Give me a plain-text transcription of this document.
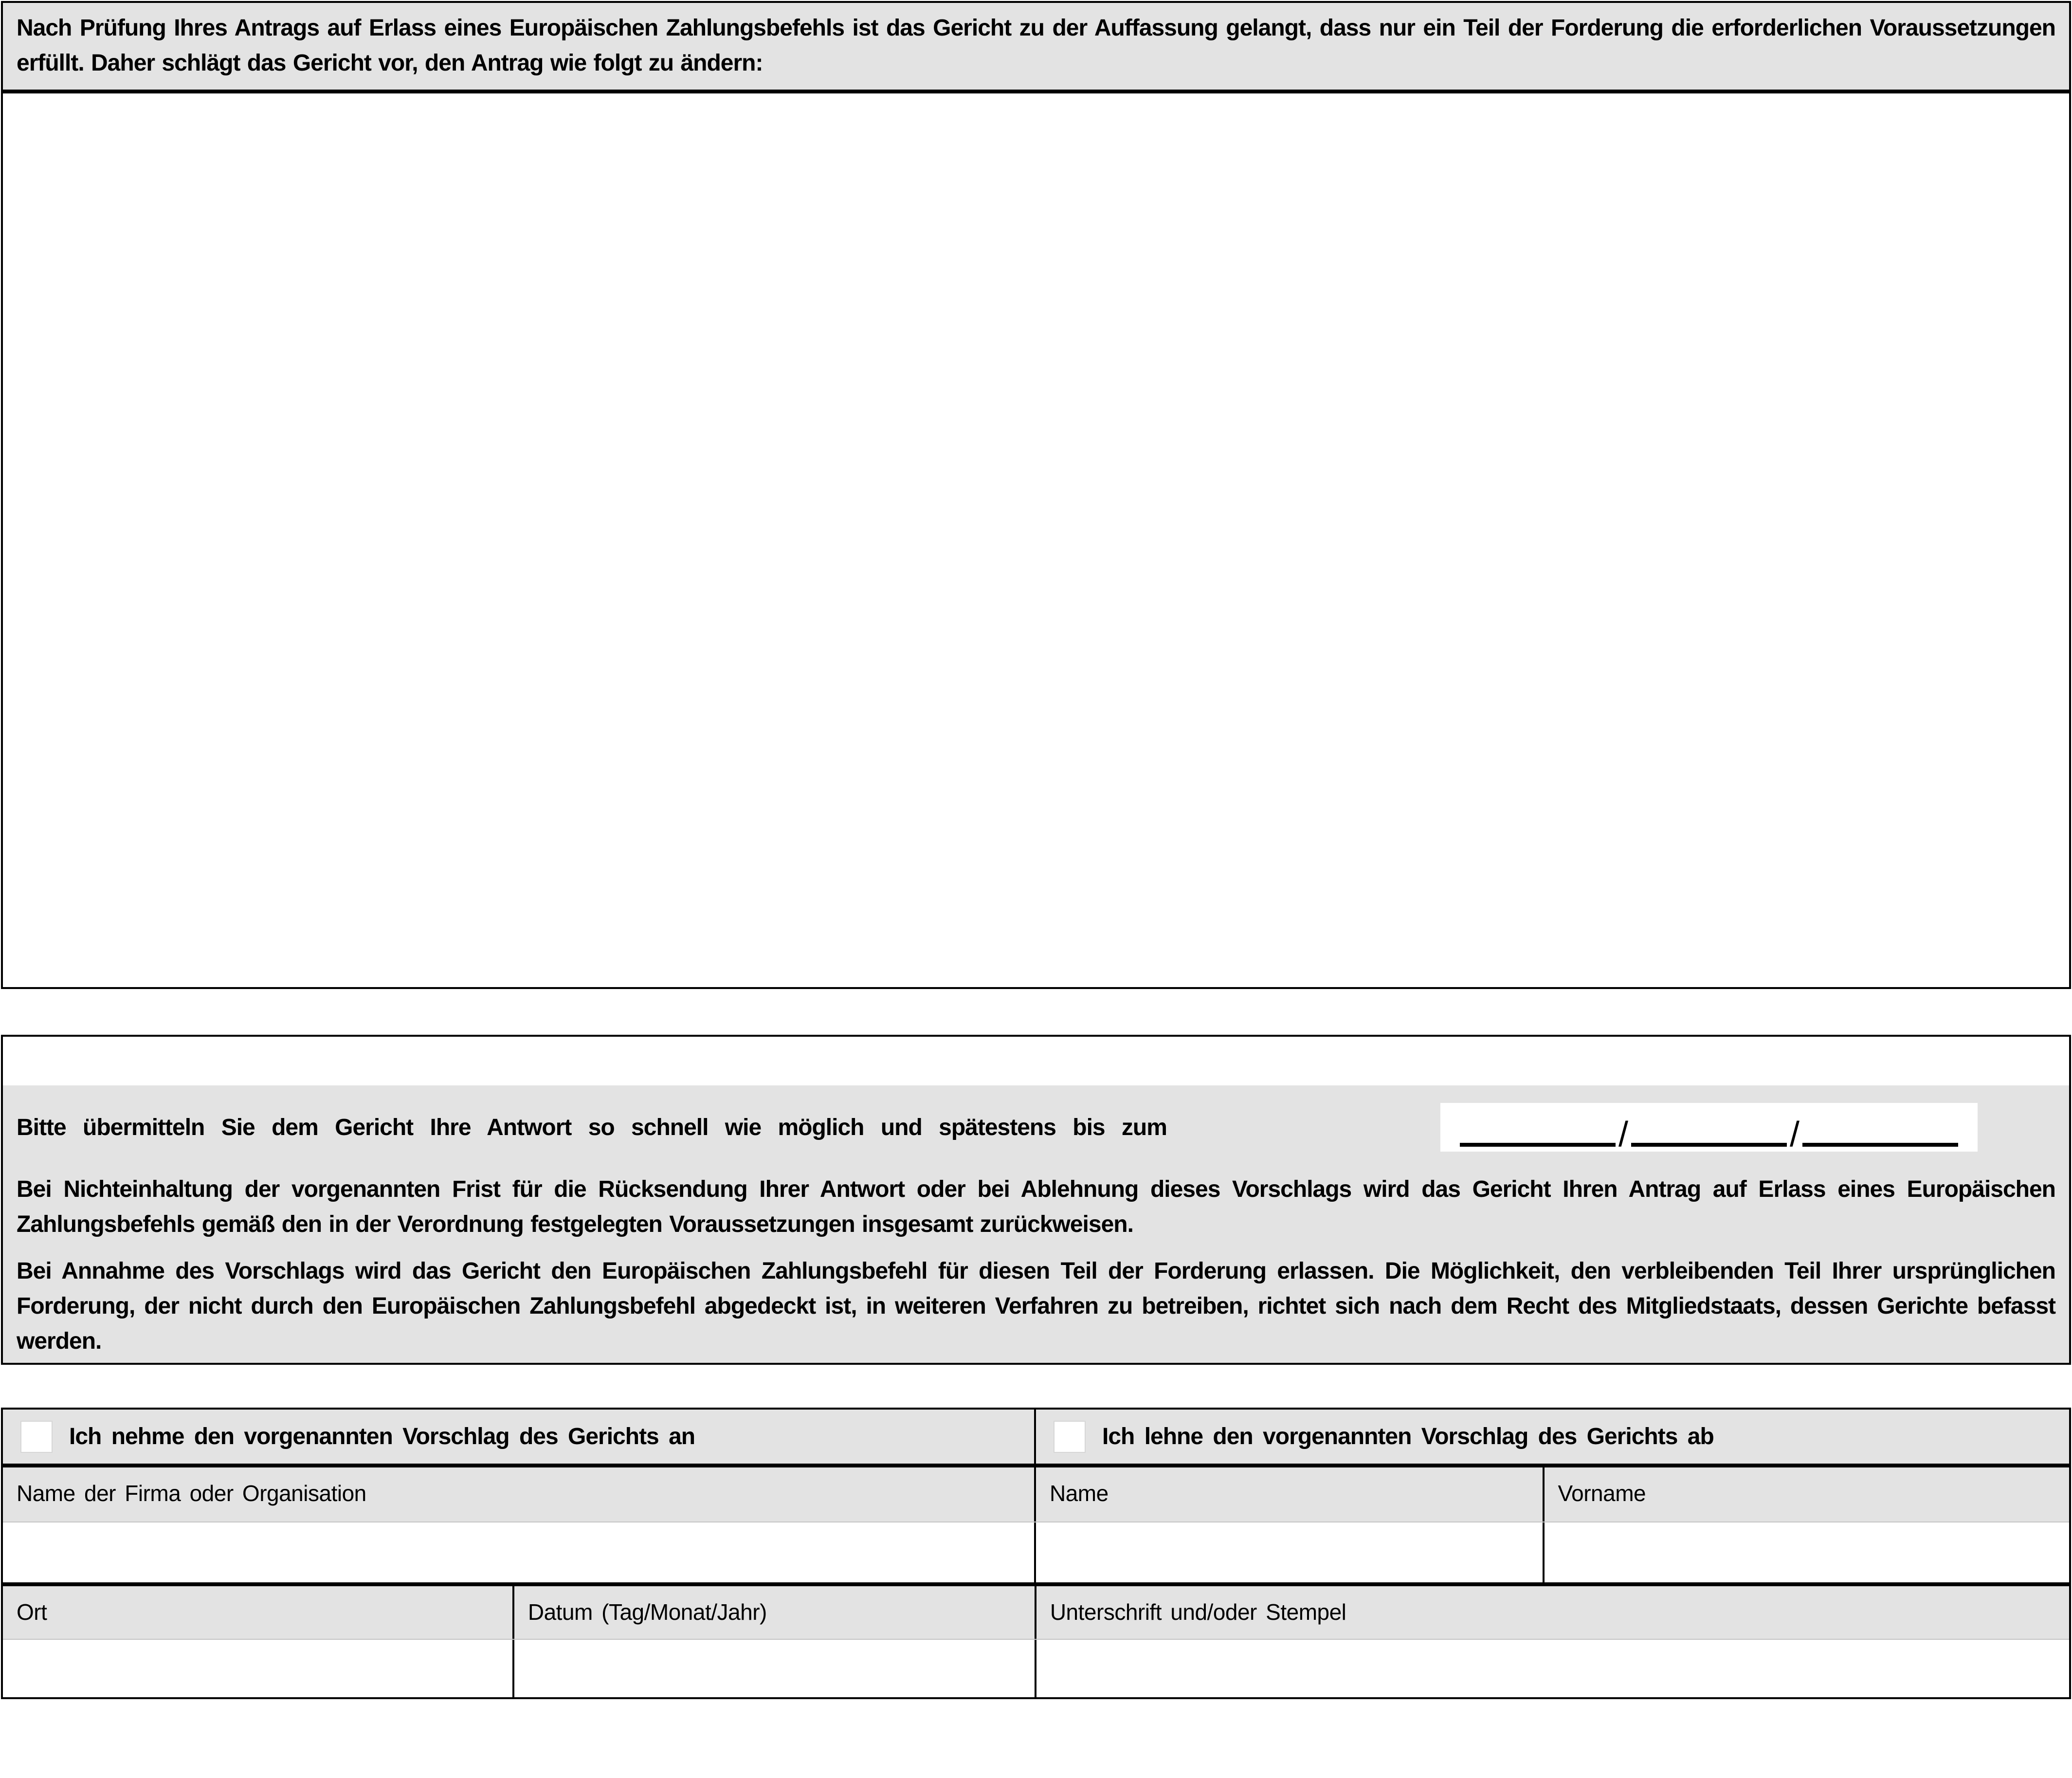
Nach Prüfung Ihres Antrags auf Erlass eines Europäischen Zahlungsbefehls ist das Gericht zu der Auffassung gelangt, dass nur ein Teil der Forderung die erforderlichen Voraussetzungen erfüllt. Daher schlägt das Gericht vor, den Antrag wie folgt zu ändern:
Bitte übermitteln Sie dem Gericht Ihre Antwort so schnell wie möglich und spätestens bis zum	/	/
Bei Nichteinhaltung der vorgenannten Frist für die Rücksendung Ihrer Antwort oder bei Ablehnung dieses Vorschlags wird das Gericht Ihren Antrag auf Erlass eines Europäischen Zahlungsbefehls gemäß den in der Verordnung festgelegten Voraussetzungen insgesamt zurückweisen.
Bei Annahme des Vorschlags wird das Gericht den Europäischen Zahlungsbefehl für diesen Teil der Forderung erlassen. Die Möglichkeit, den verbleibenden Teil Ihrer ursprünglichen Forderung, der nicht durch den Europäischen Zahlungsbefehl abgedeckt ist, in weiteren Verfahren zu betreiben, richtet sich nach dem Recht des Mitgliedstaats, dessen Gerichte befasst werden.
Ich nehme den vorgenannten Vorschlag des Gerichts an	Ich lehne den vorgenannten Vorschlag des Gerichts ab
Name der Firma oder Organisation	Name	Vorname
Ort	Datum (Tag/Monat/Jahr)	Unterschrift und/oder Stempel
